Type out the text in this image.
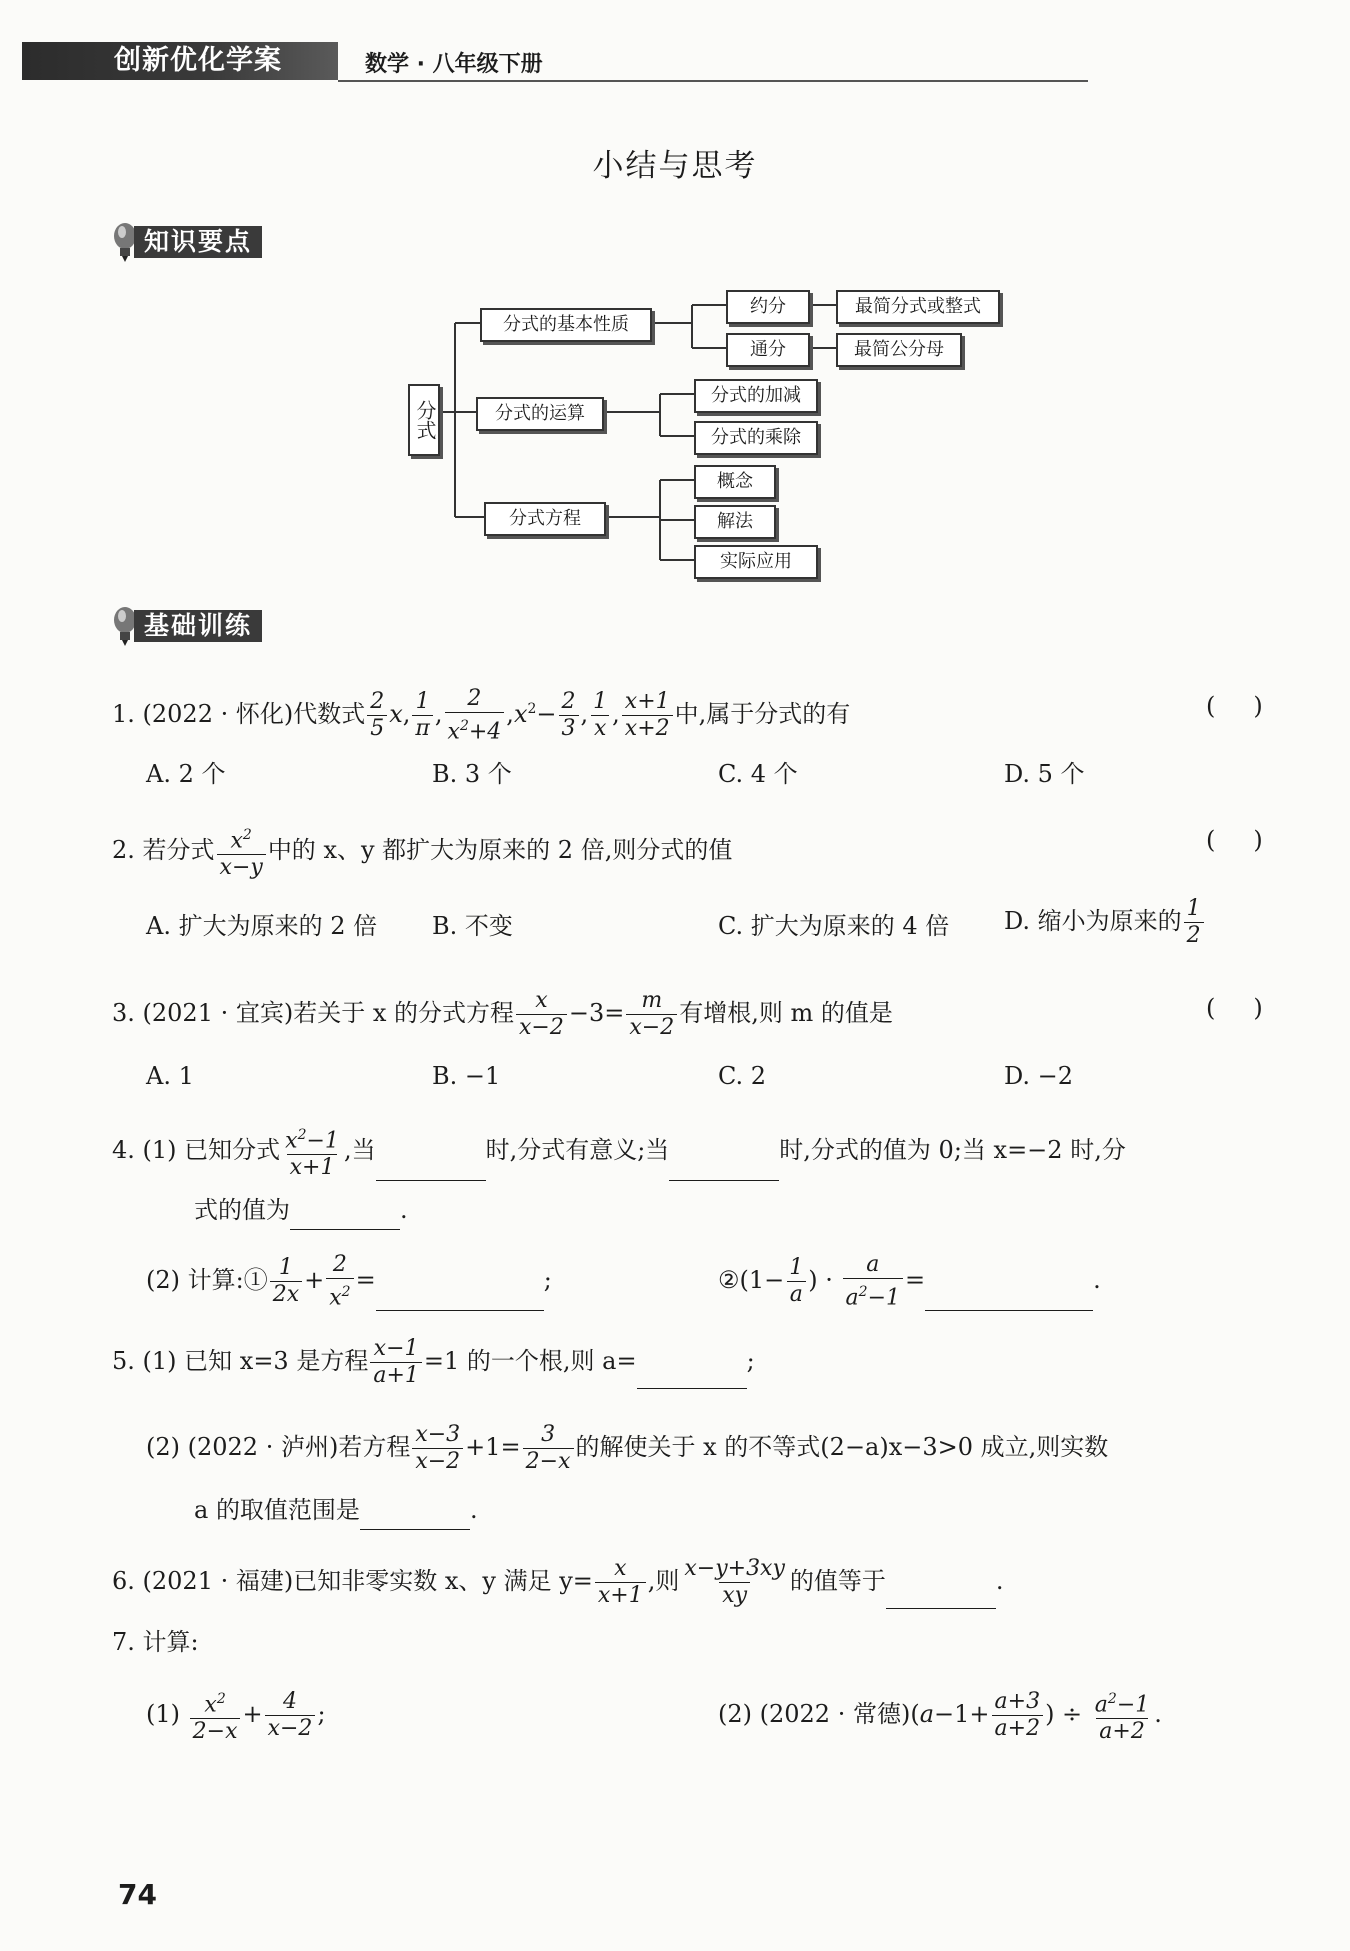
创新优化学案	数学 · 八年级下册
小结与思考
知识要点
分式
分式的基本性质
约分	最简分式或整式
通分	最简公分母
分式的运算
分式的加减
分式的乘除
分式方程
概念
解法
实际应用
基础训练
1. (2022 · 怀化)代数式 $\frac{2}{5} x$, $\frac{1}{\pi}$ , $\frac{2}{x^2+4} ,x^2- \frac{2}{3}$ , $\frac{1}{x}$ , $\frac{x+1}{x+2}$ 中,属于分式的有	()
A. 2 个	B. 3 个	C. 4 个	D. 5 个
2. 若分式 $\frac{x^2}{x-y}$ 中的 x、y 都扩大为原来的 2 倍,则分式的值	()
A. 扩大为原来的 2 倍 B. 不变	C. 扩大为原来的 4 倍 D. 缩小为原来的 $\frac{1}{2}$
3. (2021 · 宜宾)若关于 x 的分式方程 $\frac{x}{x-2} -3= \frac{m}{x-2}$ 有增根,则 m 的值是	()
A. 1	B. −1	C. 2	D. −2
4. (1) 已知分式 $\frac{x^2-1}{x+1}$ ,当	时,分式有意义;当	时,分式的值为 0;当 x=−2 时,分
式的值为	.
(2) 计算:① $\frac{1}{2x} + \frac{2}{x^2}$ =	;	②(1− $\frac{1}{a}$ ) · $\frac{a}{a^2-1}$ =	.
5. (1) 已知 x=3 是方程 $\frac{x-1}{a+1} =1$ 的一个根,则 a=	;
(2) (2022 · 泸州)若方程 $\frac{x-3}{x-2} +1= \frac{3}{2-x}$ 的解使关于 x 的不等式(2−a)x−3>0 成立,则实数
a 的取值范围是	.
6. (2021 · 福建)已知非零实数 x、y 满足 $y= \frac{x}{x+1}$ ,则 $\frac{x-y+3xy}{xy}$ 的值等于	.
7. 计算:
$(1) \frac{x^2}{2-x} + \frac{4}{x-2}$ ;	(2) (2022 · 常德)($a-1+ \frac{a+3}{a+2}$ ) ÷ $\frac{a^2-1}{a+2}$ .
74
